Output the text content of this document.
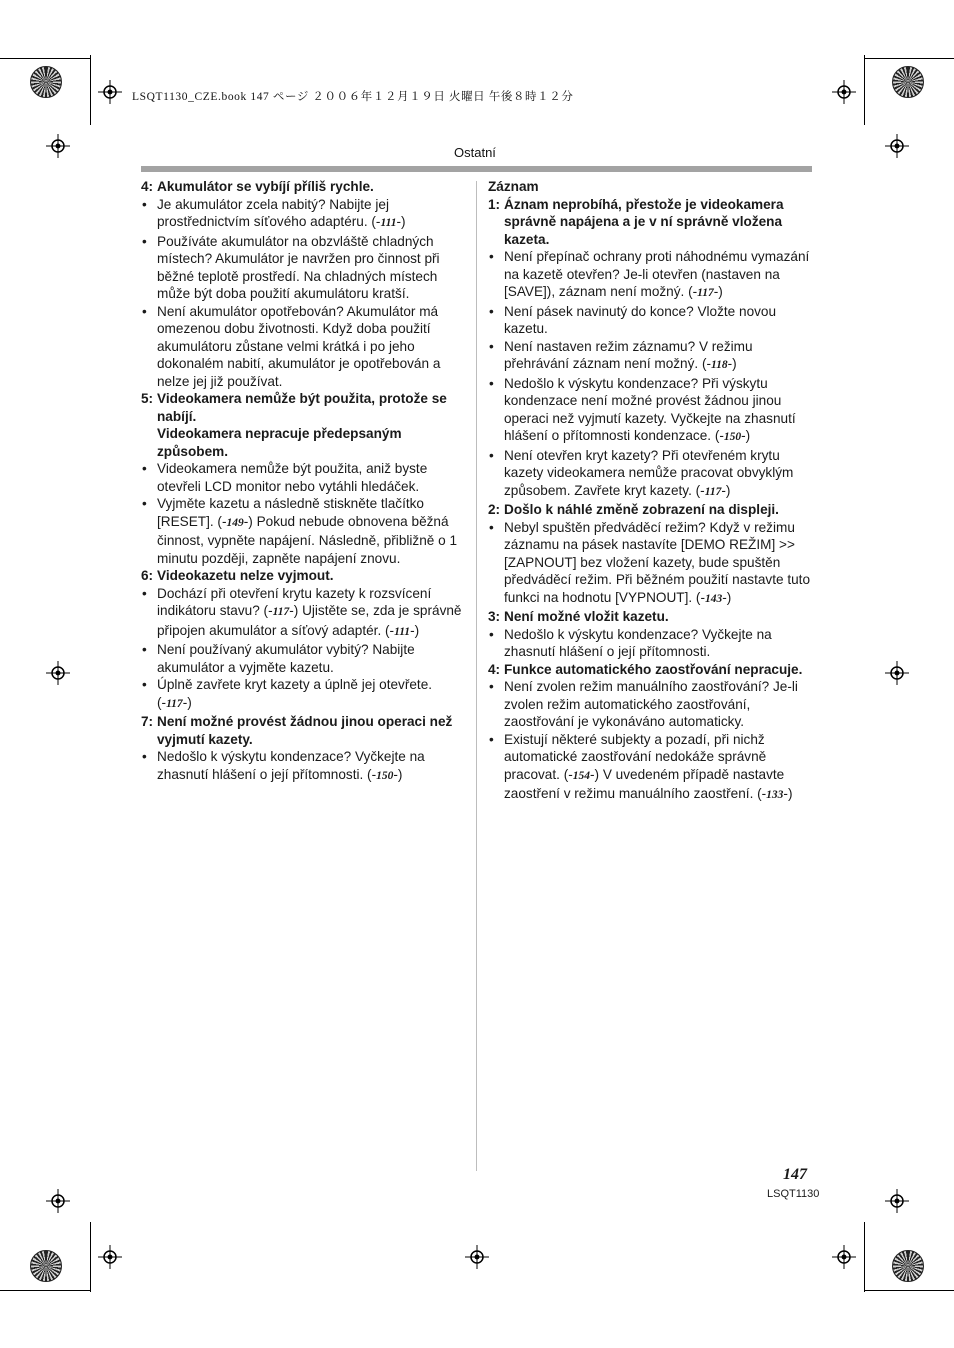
LSQT1130_CZE.book 147 ページ ２００６年１２月１９日 火曜日 午後８時１２分
Ostatní
4: Akumulátor se vybíjí příliš rychle.

• Je akumulátor zcela nabitý? Nabijte jej prostřednictvím síťového adaptéru. (-111-)
• Používáte akumulátor na obzvláště chladných místech? Akumulátor je navržen pro činnost při běžné teplotě prostředí. Na chladných místech může být doba použití akumulátoru kratší.
• Není akumulátor opotřebován? Akumulátor má omezenou dobu životnosti. Když doba použití akumulátoru zůstane velmi krátká i po jeho dokonalém nabití, akumulátor je opotřebován a nelze jej již používat.
5: Videokamera nemůže být použita, protože se nabíjí.

Videokamera nepracuje předepsaným způsobem.

• Videokamera nemůže být použita, aniž byste otevřeli LCD monitor nebo vytáhli hledáček.
• Vyjměte kazetu a následně stiskněte tlačítko [RESET]. (-149-) Pokud nebude obnovena běžná činnost, vypněte napájení. Následně, přibližně o 1 minutu později, zapněte napájení znovu.
6: Videokazetu nelze vyjmout.

• Dochází při otevření krytu kazety k rozsvícení indikátoru stavu? (-117-) Ujistěte se, zda je správně připojen akumulátor a síťový adaptér. (-111-)
• Není používaný akumulátor vybitý? Nabijte akumulátor a vyjměte kazetu.
• Úplně zavřete kryt kazety a úplně jej otevřete. (-117-)
7: Není možné provést žádnou jinou operaci než vyjmutí kazety.

• Nedošlo k výskytu kondenzace? Vyčkejte na zhasnutí hlášení o její přítomnosti. (-150-)

Záznam

1: Áznam neprobíhá, přestože je videokamera správně napájena a je v ní správně vložena kazeta.

• Není přepínač ochrany proti náhodnému vymazání na kazetě otevřen? Je-li otevřen (nastaven na [SAVE]), záznam není možný. (-117-)
• Není pásek navinutý do konce? Vložte novou kazetu.
• Není nastaven režim záznamu? V režimu přehrávání záznam není možný. (-118-)
• Nedošlo k výskytu kondenzace? Při výskytu kondenzace není možné provést žádnou jinou operaci než vyjmutí kazety. Vyčkejte na zhasnutí hlášení o přítomnosti kondenzace. (-150-)
• Není otevřen kryt kazety? Při otevřeném krytu kazety videokamera nemůže pracovat obvyklým způsobem. Zavřete kryt kazety. (-117-)
2: Došlo k náhlé změně zobrazení na displeji.

• Nebyl spuštěn předváděcí režim? Když v režimu záznamu na pásek nastavíte [DEMO REŽIM] >> [ZAPNOUT] bez vložení kazety, bude spuštěn předváděcí režim. Při běžném použití nastavte tuto funkci na hodnotu [VYPNOUT]. (-143-)
3: Není možné vložit kazetu.

• Nedošlo k výskytu kondenzace? Vyčkejte na zhasnutí hlášení o její přítomnosti.
4: Funkce automatického zaostřování nepracuje.

• Není zvolen režim manuálního zaostřování? Je-li zvolen režim automatického zaostřování, zaostřování je vykonáváno automaticky.
• Existují některé subjekty a pozadí, při nichž automatické zaostřování nedokáže správně pracovat. (-154-) V uvedeném případě nastavte zaostření v režimu manuálního zaostření. (-133-)
147
LSQT1130
